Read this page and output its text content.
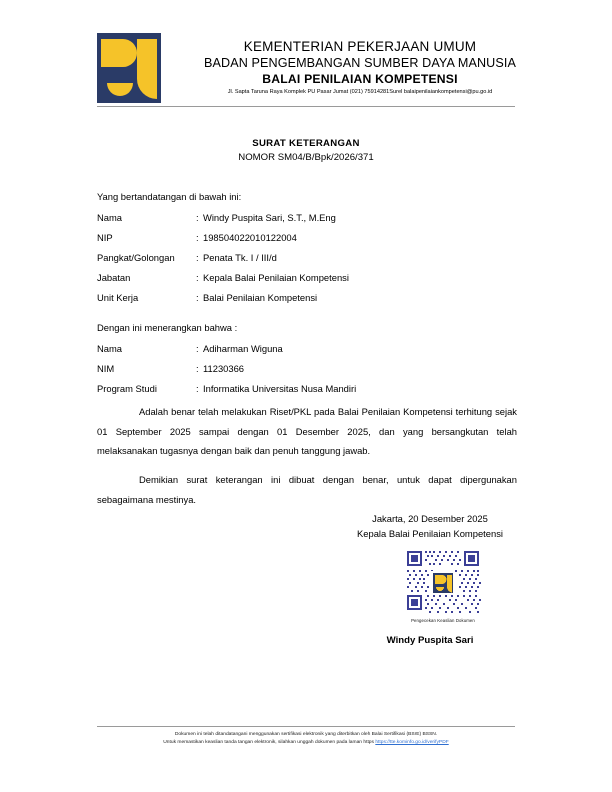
KEMENTERIAN PEKERJAAN UMUM
BADAN PENGEMBANGAN SUMBER DAYA MANUSIA
BALAI PENILAIAN KOMPETENSI
Jl. Sapta Taruna Raya Komplek PU Pasar Jumat (021) 75914281Surel balaipenilaiankompetensi@pu.go.id
SURAT KETERANGAN
NOMOR SM04/B/Bpk/2026/371
Yang bertandatangan di bawah ini:
Nama	: Windy Puspita Sari, S.T., M.Eng
NIP	: 198504022010122004
Pangkat/Golongan	: Penata Tk. I / III/d
Jabatan	: Kepala Balai Penilaian Kompetensi
Unit Kerja	: Balai Penilaian Kompetensi
Dengan ini menerangkan bahwa :
Nama	: Adiharman Wiguna
NIM	: 11230366
Program Studi	: Informatika Universitas Nusa Mandiri
Adalah benar telah melakukan Riset/PKL pada Balai Penilaian Kompetensi terhitung sejak 01 September 2025 sampai dengan 01 Desember 2025, dan yang bersangkutan telah melaksanakan tugasnya dengan baik dan penuh tanggung jawab.
Demikian surat keterangan ini dibuat dengan benar, untuk dapat dipergunakan sebagaimana mestinya.
Jakarta, 20 Desember 2025
Kepala Balai Penilaian Kompetensi
Pengecekan Keaslian Dokumen
Windy Puspita Sari
Dokumen ini telah ditandatangani menggunakan sertifikasi elektronik yang diterbitkan oleh Balai Sertifikasi (BSrE) BSSN.
Untuk memastikan keaslian tanda tangan elektronik, silahkan unggah dokumen pada laman https https://tte.kominfo.go.id/verifyPDF
